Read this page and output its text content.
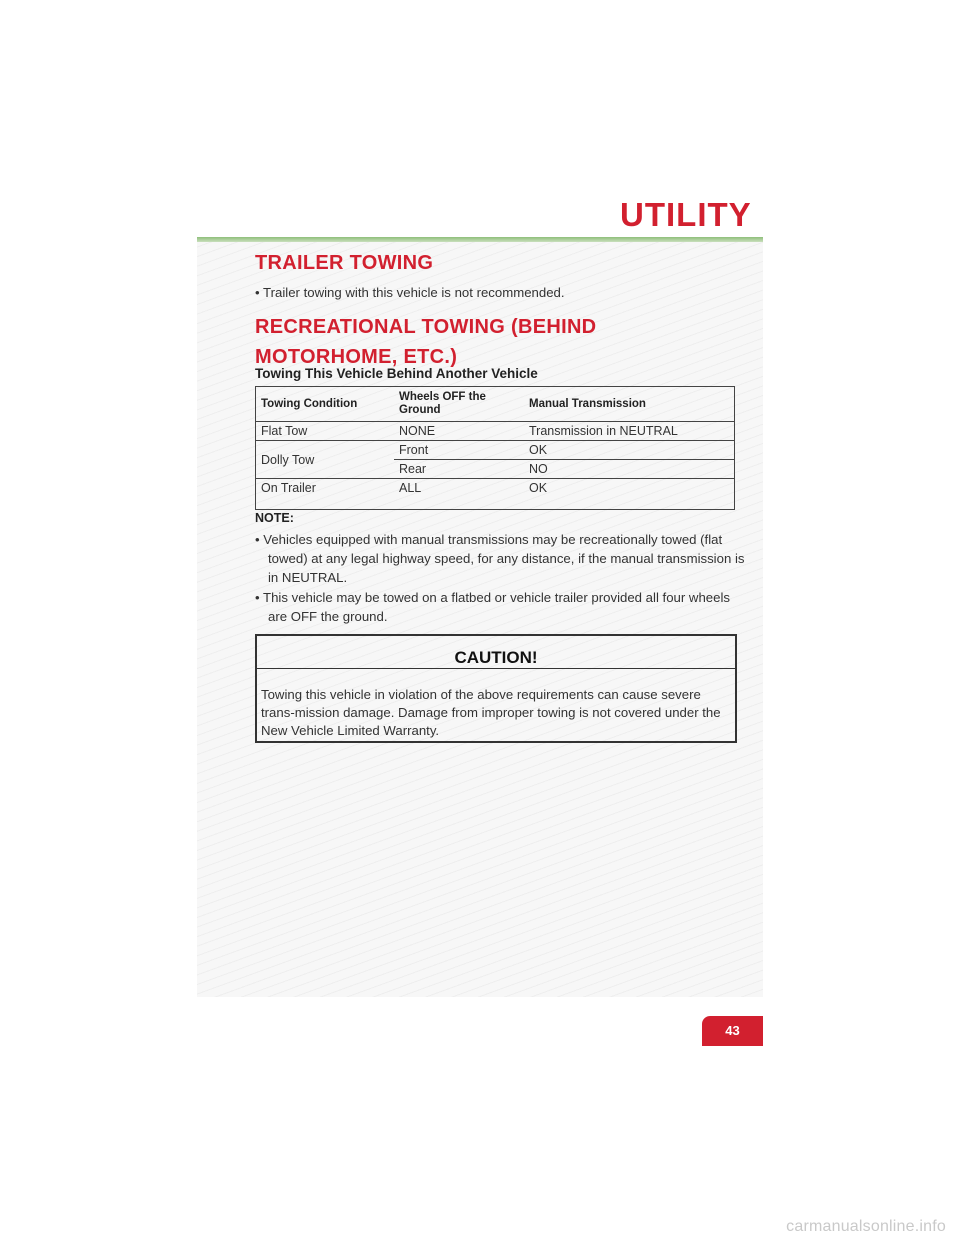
UTILITY
TRAILER TOWING

• Trailer towing with this vehicle is not recommended.

RECREATIONAL TOWING (BEHIND MOTORHOME, ETC.)
Towing This Vehicle Behind Another Vehicle
Towing Condition	Wheels OFF the Ground	Manual Transmission
Flat Tow	NONE	Transmission in NEUTRAL
Dolly Tow	Front	OK
	Rear	NO
On Trailer	ALL	OK
NOTE:

• Vehicles equipped with manual transmissions may be recreationally towed (flat towed) at any legal highway speed, for any distance, if the manual transmission is in NEUTRAL.

• This vehicle may be towed on a flatbed or vehicle trailer provided all four wheels are OFF the ground.

CAUTION!

Towing this vehicle in violation of the above requirements can cause severe trans-mission damage. Damage from improper towing is not covered under the New Vehicle Limited Warranty.

43
carmanualsonline.info
